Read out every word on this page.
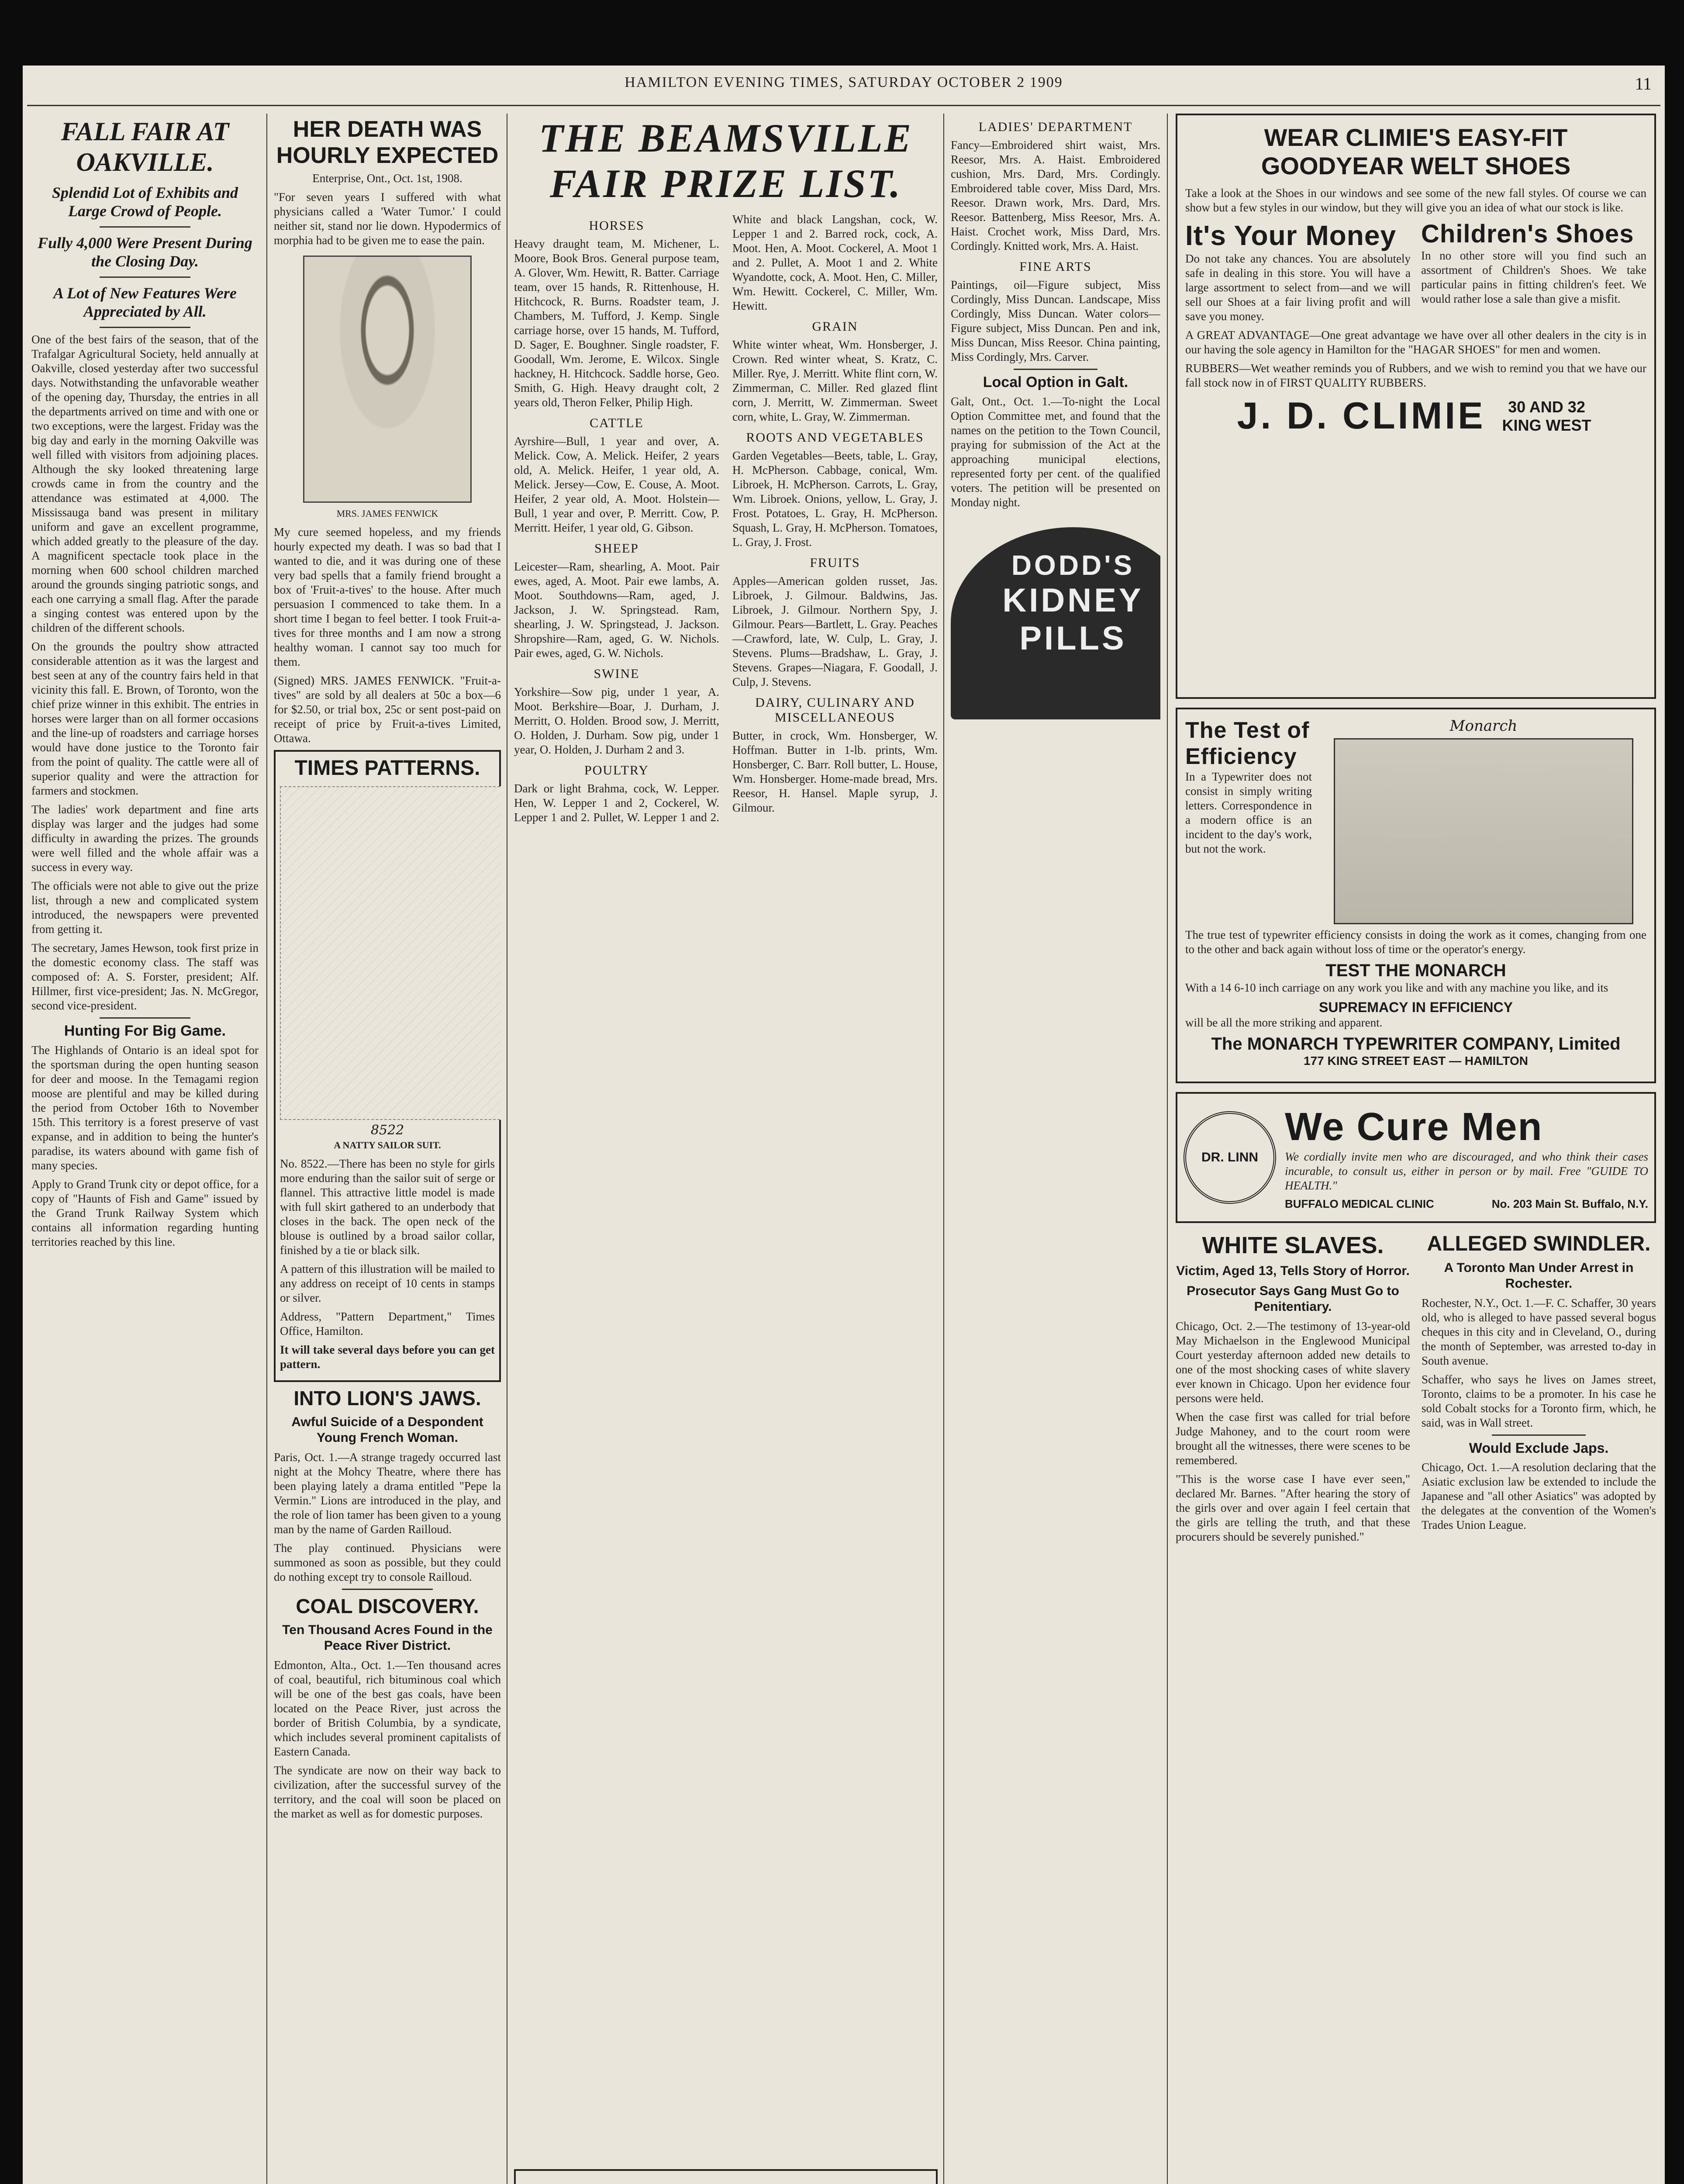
HAMILTON EVENING TIMES, SATURDAY OCTOBER 2 1909	11
FALL FAIR AT OAKVILLE.
Splendid Lot of Exhibits and Large Crowd of People.
Fully 4,000 Were Present During the Closing Day.
A Lot of New Features Were Appreciated by All.

One of the best fairs of the season, that of the Trafalgar Agricultural Society, held annually at Oakville, closed yesterday after two successful days. Notwithstanding the unfavorable weather of the opening day, Thursday, the entries in all the departments arrived on time and with one or two exceptions, were the largest. Friday was the big day and early in the morning Oakville was well filled with visitors from adjoining places. Although the sky looked threatening large crowds came in from the country and the attendance was estimated at 4,000. The Mississauga band was present in military uniform and gave an excellent programme, which added greatly to the pleasure of the day. A magnificent spectacle took place in the morning when 600 school children marched around the grounds singing patriotic songs, and each one carrying a small flag. After the parade a singing contest was entered upon by the children of the different schools.

On the grounds the poultry show attracted considerable attention as it was the largest and best seen at any of the country fairs held in that vicinity this fall. E. Brown, of Toronto, won the chief prize winner in this exhibit. The entries in horses were larger than on all former occasions and the line-up of roadsters and carriage horses would have done justice to the Toronto fair from the point of quality. The cattle were all of superior quality and were the attraction for farmers and stockmen.

The ladies' work department and fine arts display was larger and the judges had some difficulty in awarding the prizes. The grounds were well filled and the whole affair was a success in every way.

The officials were not able to give out the prize list, through a new and complicated system introduced, the newspapers were prevented from getting it.

The secretary, James Hewson, took first prize in the domestic economy class. The staff was composed of: A. S. Forster, president; Alf. Hillmer, first vice-president; Jas. N. McGregor, second vice-president.

Hunting For Big Game.

The Highlands of Ontario is an ideal spot for the sportsman during the open hunting season for deer and moose. In the Temagami region moose are plentiful and may be killed during the period from October 16th to November 15th. This territory is a forest preserve of vast expanse, and in addition to being the hunter's paradise, its waters abound with game fish of many species.

Apply to Grand Trunk city or depot office, for a copy of "Haunts of Fish and Game" issued by the Grand Trunk Railway System which contains all information regarding hunting territories reached by this line.

HER DEATH WAS HOURLY EXPECTED

Enterprise, Ont., Oct. 1st, 1908.

"For seven years I suffered with what physicians called a 'Water Tumor.' I could neither sit, stand nor lie down. Hypodermics of morphia had to be given me to ease the pain.

MRS. JAMES FENWICK

My cure seemed hopeless, and my friends hourly expected my death. I was so bad that I wanted to die, and it was during one of these very bad spells that a family friend brought a box of 'Fruit-a-tives' to the house. After much persuasion I commenced to take them. In a short time I began to feel better. I took Fruit-a-tives for three months and I am now a strong healthy woman. I cannot say too much for them.

(Signed) MRS. JAMES FENWICK. "Fruit-a-tives" are sold by all dealers at 50c a box—6 for $2.50, or trial box, 25c or sent post-paid on receipt of price by Fruit-a-tives Limited, Ottawa.

TIMES PATTERNS.
8522

A NATTY SAILOR SUIT.

No. 8522.—There has been no style for girls more enduring than the sailor suit of serge or flannel. This attractive little model is made with full skirt gathered to an underbody that closes in the back. The open neck of the blouse is outlined by a broad sailor collar, finished by a tie or black silk.

A pattern of this illustration will be mailed to any address on receipt of 10 cents in stamps or silver.

Address, "Pattern Department," Times Office, Hamilton.

It will take several days before you can get pattern.

INTO LION'S JAWS.
Awful Suicide of a Despondent Young French Woman.

Paris, Oct. 1.—A strange tragedy occurred last night at the Mohcy Theatre, where there has been playing lately a drama entitled "Pepe la Vermin." Lions are introduced in the play, and the role of lion tamer has been given to a young man by the name of Garden Railloud.

The play continued. Physicians were summoned as soon as possible, but they could do nothing except try to console Railloud.

COAL DISCOVERY.
Ten Thousand Acres Found in the Peace River District.

Edmonton, Alta., Oct. 1.—Ten thousand acres of coal, beautiful, rich bituminous coal which will be one of the best gas coals, have been located on the Peace River, just across the border of British Columbia, by a syndicate, which includes several prominent capitalists of Eastern Canada.

The syndicate are now on their way back to civilization, after the successful survey of the territory, and the coal will soon be placed on the market as well as for domestic purposes.

THE BEAMSVILLE FAIR PRIZE LIST.
HORSES

Heavy draught team, M. Michener, L. Moore, Book Bros. General purpose team, A. Glover, Wm. Hewitt, R. Batter. Carriage team, over 15 hands, R. Rittenhouse, H. Hitchcock, R. Burns. Roadster team, J. Chambers, M. Tufford, J. Kemp. Single carriage horse, over 15 hands, M. Tufford, D. Sager, E. Boughner. Single roadster, F. Goodall, Wm. Jerome, E. Wilcox. Single hackney, H. Hitchcock. Saddle horse, Geo. Smith, G. High. Heavy draught colt, 2 years old, Theron Felker, Philip High.

CATTLE

Ayrshire—Bull, 1 year and over, A. Melick. Cow, A. Melick. Heifer, 2 years old, A. Melick. Heifer, 1 year old, A. Melick. Jersey—Cow, E. Couse, A. Moot. Heifer, 2 year old, A. Moot. Holstein—Bull, 1 year and over, P. Merritt. Cow, P. Merritt. Heifer, 1 year old, G. Gibson.

SHEEP

Leicester—Ram, shearling, A. Moot. Pair ewes, aged, A. Moot. Pair ewe lambs, A. Moot. Southdowns—Ram, aged, J. Jackson, J. W. Springstead. Ram, shearling, J. W. Springstead, J. Jackson. Shropshire—Ram, aged, G. W. Nichols. Pair ewes, aged, G. W. Nichols.

SWINE

Yorkshire—Sow pig, under 1 year, A. Moot. Berkshire—Boar, J. Durham, J. Merritt, O. Holden. Brood sow, J. Merritt, O. Holden, J. Durham. Sow pig, under 1 year, O. Holden, J. Durham 2 and 3.

POULTRY

Dark or light Brahma, cock, W. Lepper. Hen, W. Lepper 1 and 2, Cockerel, W. Lepper 1 and 2. Pullet, W. Lepper 1 and 2. White and black Langshan, cock, W. Lepper 1 and 2. Barred rock, cock, A. Moot. Hen, A. Moot. Cockerel, A. Moot 1 and 2. Pullet, A. Moot 1 and 2. White Wyandotte, cock, A. Moot. Hen, C. Miller, Wm. Hewitt. Cockerel, C. Miller, Wm. Hewitt.

GRAIN

White winter wheat, Wm. Honsberger, J. Crown. Red winter wheat, S. Kratz, C. Miller. Rye, J. Merritt. White flint corn, W. Zimmerman, C. Miller. Red glazed flint corn, J. Merritt, W. Zimmerman. Sweet corn, white, L. Gray, W. Zimmerman.

ROOTS AND VEGETABLES

Garden Vegetables—Beets, table, L. Gray, H. McPherson. Cabbage, conical, Wm. Libroek, H. McPherson. Carrots, L. Gray, Wm. Libroek. Onions, yellow, L. Gray, J. Frost. Potatoes, L. Gray, H. McPherson. Squash, L. Gray, H. McPherson. Tomatoes, L. Gray, J. Frost.

FRUITS

Apples—American golden russet, Jas. Libroek, J. Gilmour. Baldwins, Jas. Libroek, J. Gilmour. Northern Spy, J. Gilmour. Pears—Bartlett, L. Gray. Peaches—Crawford, late, W. Culp, L. Gray, J. Stevens. Plums—Bradshaw, L. Gray, J. Stevens. Grapes—Niagara, F. Goodall, J. Culp, J. Stevens.

DAIRY, CULINARY AND MISCELLANEOUS

Butter, in crock, Wm. Honsberger, W. Hoffman. Butter in 1-lb. prints, Wm. Honsberger, C. Barr. Roll butter, L. House, Wm. Honsberger. Home-made bread, Mrs. Reesor, H. Hansel. Maple syrup, J. Gilmour.

LADIES' DEPARTMENT

Fancy—Embroidered shirt waist, Mrs. Reesor, Mrs. A. Haist. Embroidered cushion, Mrs. Dard, Mrs. Cordingly. Embroidered table cover, Miss Dard, Mrs. Reesor. Drawn work, Mrs. Dard, Mrs. Reesor. Battenberg, Miss Reesor, Mrs. A. Haist. Crochet work, Miss Dard, Mrs. Cordingly. Knitted work, Mrs. A. Haist.

FINE ARTS

Paintings, oil—Figure subject, Miss Cordingly, Miss Duncan. Landscape, Miss Cordingly, Miss Duncan. Water colors—Figure subject, Miss Duncan. Pen and ink, Miss Duncan, Miss Reesor. China painting, Miss Cordingly, Mrs. Carver.

Local Option in Galt.

Galt, Ont., Oct. 1.—To-night the Local Option Committee met, and found that the names on the petition to the Town Council, praying for submission of the Act at the approaching municipal elections, represented forty per cent. of the qualified voters. The petition will be presented on Monday night.

DODD'S
KIDNEY
PILLS
WEAR CLIMIE'S EASY-FIT
GOODYEAR WELT SHOES

Take a look at the Shoes in our windows and see some of the new fall styles. Of course we can show but a few styles in our window, but they will give you an idea of what our stock is like.

It's Your Money

Do not take any chances. You are absolutely safe in dealing in this store. You will have a large assortment to select from—and we will sell our Shoes at a fair living profit and will save you money.

Children's Shoes

In no other store will you find such an assortment of Children's Shoes. We take particular pains in fitting children's feet. We would rather lose a sale than give a misfit.

A GREAT ADVANTAGE—One great advantage we have over all other dealers in the city is in our having the sole agency in Hamilton for the "HAGAR SHOES" for men and women.

RUBBERS—Wet weather reminds you of Rubbers, and we wish to remind you that we have our fall stock now in of FIRST QUALITY RUBBERS.

J. D. CLIMIE	30 AND 32 KING WEST
The Test of Efficiency

In a Typewriter does not consist in simply writing letters. Correspondence in a modern office is an incident to the day's work, but not the work.

Monarch

The true test of typewriter efficiency consists in doing the work as it comes, changing from one to the other and back again without loss of time or the operator's energy.

TEST THE MONARCH

With a 14 6-10 inch carriage on any work you like and with any machine you like, and its

SUPREMACY IN EFFICIENCY

will be all the more striking and apparent.

The MONARCH TYPEWRITER COMPANY, Limited
177 KING STREET EAST — HAMILTON
DR. LINN
We Cure Men

We cordially invite men who are discouraged, and who think their cases incurable, to consult us, either in person or by mail. Free "GUIDE TO HEALTH."

BUFFALO MEDICAL CLINIC	No. 203 Main St. Buffalo, N.Y.
WHITE SLAVES.
Victim, Aged 13, Tells Story of Horror.
Prosecutor Says Gang Must Go to Penitentiary.

Chicago, Oct. 2.—The testimony of 13-year-old May Michaelson in the Englewood Municipal Court yesterday afternoon added new details to one of the most shocking cases of white slavery ever known in Chicago. Upon her evidence four persons were held.

When the case first was called for trial before Judge Mahoney, and to the court room were brought all the witnesses, there were scenes to be remembered.

"This is the worse case I have ever seen," declared Mr. Barnes. "After hearing the story of the girls over and over again I feel certain that the girls are telling the truth, and that these procurers should be severely punished."

ALLEGED SWINDLER.
A Toronto Man Under Arrest in Rochester.

Rochester, N.Y., Oct. 1.—F. C. Schaffer, 30 years old, who is alleged to have passed several bogus cheques in this city and in Cleveland, O., during the month of September, was arrested to-day in South avenue.

Schaffer, who says he lives on James street, Toronto, claims to be a promoter. In his case he sold Cobalt stocks for a Toronto firm, which, he said, was in Wall street.

Would Exclude Japs.

Chicago, Oct. 1.—A resolution declaring that the Asiatic exclusion law be extended to include the Japanese and "all other Asiatics" was adopted by the delegates at the convention of the Women's Trades Union League.
